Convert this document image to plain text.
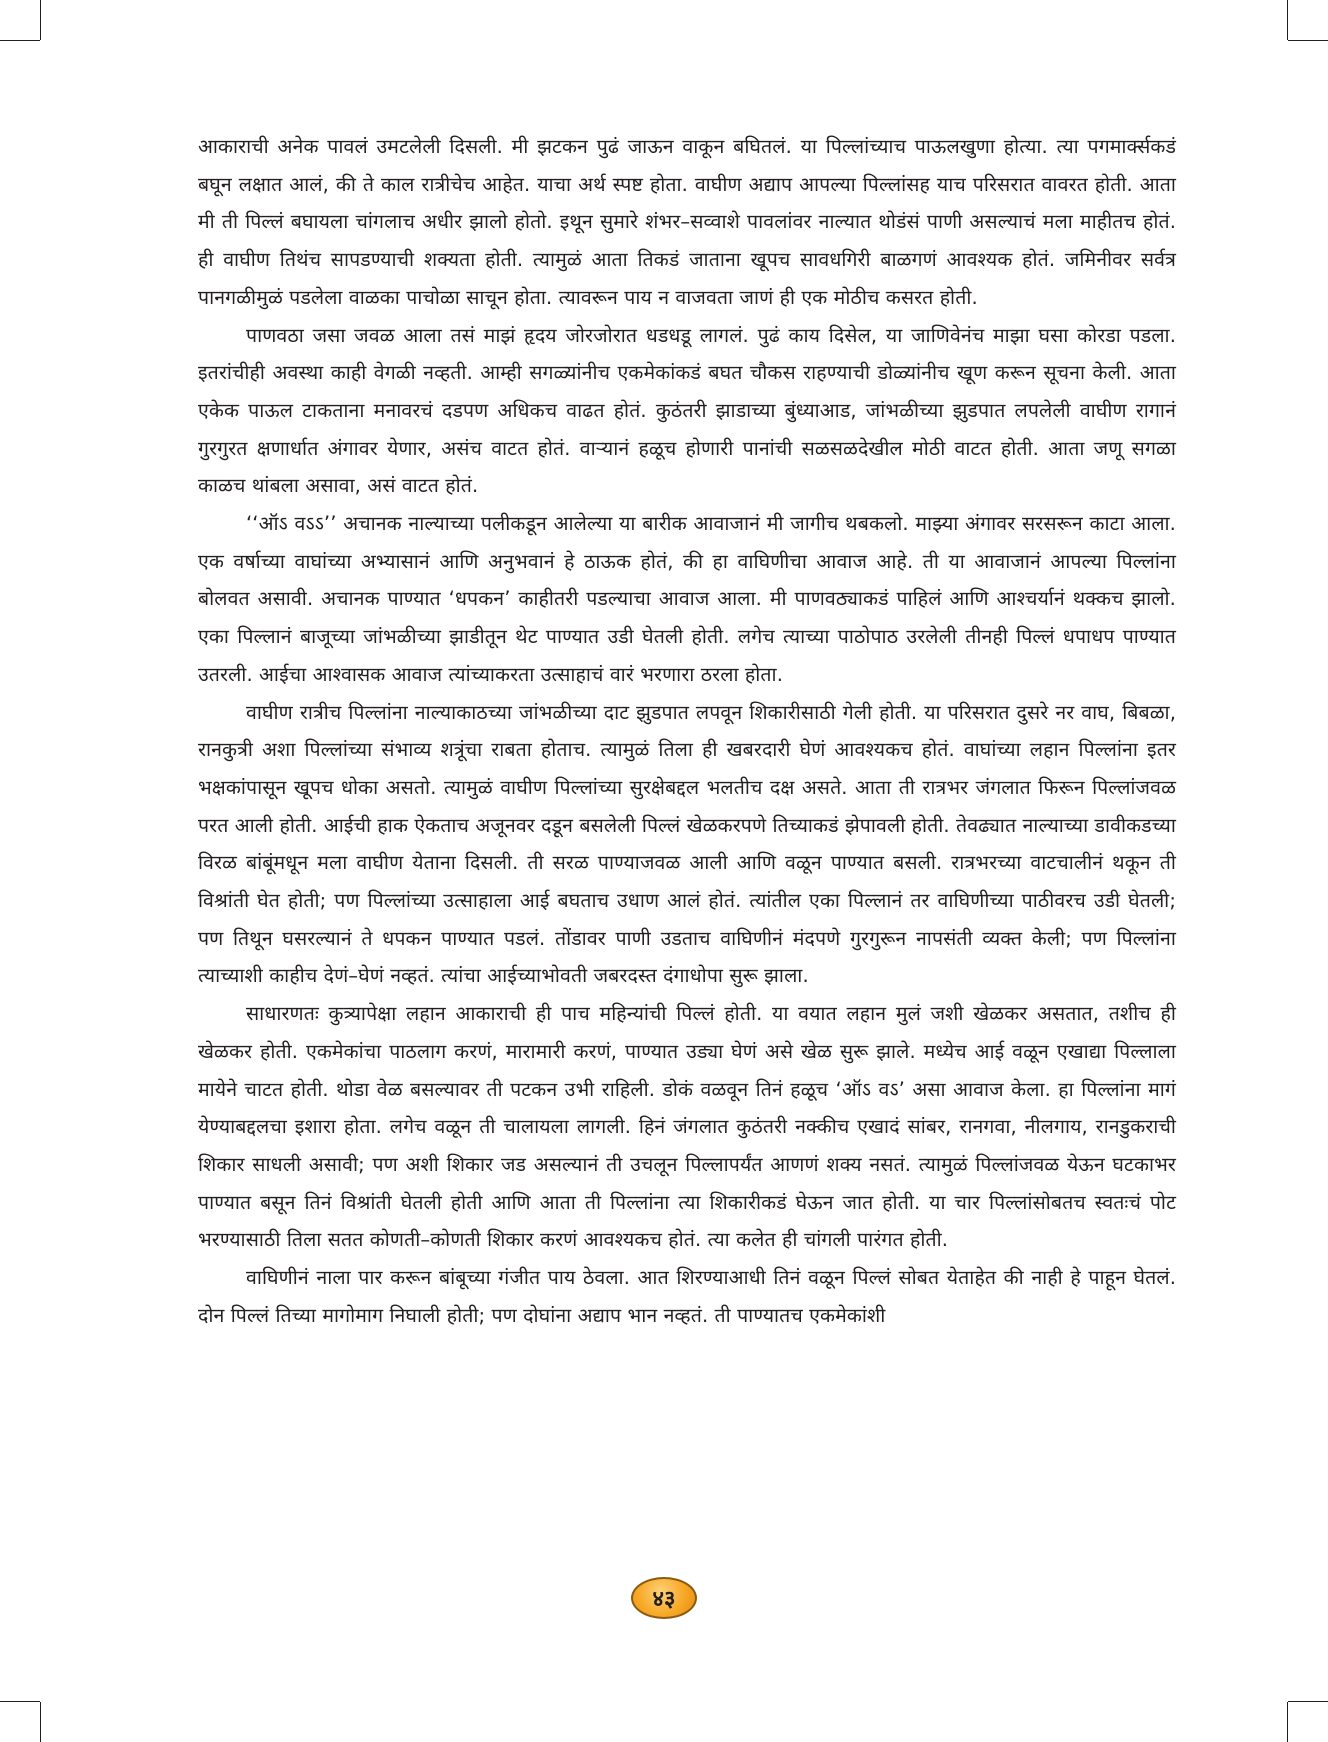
आकाराची अनेक पावलं उमटलेली दिसली. मी झटकन पुढं जाऊन वाकून बघितलं. या पिल्लांच्याच पाऊलखुणा होत्या. त्या पगमार्क्सकडं बघून लक्षात आलं, की ते काल रात्रीचेच आहेत. याचा अर्थ स्पष्ट होता. वाघीण अद्याप आपल्या पिल्लांसह याच परिसरात वावरत होती. आता मी ती पिल्लं बघायला चांगलाच अधीर झालो होतो. इथून सुमारे शंभर–सव्वाशे पावलांवर नाल्यात थोडंसं पाणी असल्याचं मला माहीतच होतं. ही वाघीण तिथंच सापडण्याची शक्यता होती. त्यामुळं आता तिकडं जाताना खूपच सावधगिरी बाळगणं आवश्यक होतं. जमिनीवर सर्वत्र पानगळीमुळं पडलेला वाळका पाचोळा साचून होता. त्यावरून पाय न वाजवता जाणं ही एक मोठीच कसरत होती.

पाणवठा जसा जवळ आला तसं माझं हृदय जोरजोरात धडधडू लागलं. पुढं काय दिसेल, या जाणिवेनंच माझा घसा कोरडा पडला. इतरांचीही अवस्था काही वेगळी नव्हती. आम्ही सगळ्यांनीच एकमेकांकडं बघत चौकस राहण्याची डोळ्यांनीच खूण करून सूचना केली. आता एकेक पाऊल टाकताना मनावरचं दडपण अधिकच वाढत होतं. कुठंतरी झाडाच्या बुंध्याआड, जांभळीच्या झुडपात लपलेली वाघीण रागानं गुरगुरत क्षणार्धात अंगावर येणार, असंच वाटत होतं. वाऱ्यानं हळूच होणारी पानांची सळसळदेखील मोठी वाटत होती. आता जणू सगळा काळच थांबला असावा, असं वाटत होतं.

‘‘ऑऽ वऽऽ’’ अचानक नाल्याच्या पलीकडून आलेल्या या बारीक आवाजानं मी जागीच थबकलो. माझ्या अंगावर सरसरून काटा आला. एक वर्षाच्या वाघांच्या अभ्यासानं आणि अनुभवानं हे ठाऊक होतं, की हा वाघिणीचा आवाज आहे. ती या आवाजानं आपल्या पिल्लांना बोलवत असावी. अचानक पाण्यात ‘धपकन’ काहीतरी पडल्याचा आवाज आला. मी पाणवठ्याकडं पाहिलं आणि आश्चर्यानं थक्कच झालो. एका पिल्लानं बाजूच्या जांभळीच्या झाडीतून थेट पाण्यात उडी घेतली होती. लगेच त्याच्या पाठोपाठ उरलेली तीनही पिल्लं धपाधप पाण्यात उतरली. आईचा आश्वासक आवाज त्यांच्याकरता उत्साहाचं वारं भरणारा ठरला होता.

वाघीण रात्रीच पिल्लांना नाल्याकाठच्या जांभळीच्या दाट झुडपात लपवून शिकारीसाठी गेली होती. या परिसरात दुसरे नर वाघ, बिबळा, रानकुत्री अशा पिल्लांच्या संभाव्य शत्रूंचा राबता होताच. त्यामुळं तिला ही खबरदारी घेणं आवश्यकच होतं. वाघांच्या लहान पिल्लांना इतर भक्षकांपासून खूपच धोका असतो. त्यामुळं वाघीण पिल्लांच्या सुरक्षेबद्दल भलतीच दक्ष असते. आता ती रात्रभर जंगलात फिरून पिल्लांजवळ परत आली होती. आईची हाक ऐकताच अजूनवर दडून बसलेली पिल्लं खेळकरपणे तिच्याकडं झेपावली होती. तेवढ्यात नाल्याच्या डावीकडच्या विरळ बांबूंमधून मला वाघीण येताना दिसली. ती सरळ पाण्याजवळ आली आणि वळून पाण्यात बसली. रात्रभरच्या वाटचालीनं थकून ती विश्रांती घेत होती; पण पिल्लांच्या उत्साहाला आई बघताच उधाण आलं होतं. त्यांतील एका पिल्लानं तर वाघिणीच्या पाठीवरच उडी घेतली; पण तिथून घसरल्यानं ते धपकन पाण्यात पडलं. तोंडावर पाणी उडताच वाघिणीनं मंदपणे गुरगुरून नापसंती व्यक्त केली; पण पिल्लांना त्याच्याशी काहीच देणं–घेणं नव्हतं. त्यांचा आईच्याभोवती जबरदस्त दंगाधोपा सुरू झाला.

साधारणतः कुत्र्यापेक्षा लहान आकाराची ही पाच महिन्यांची पिल्लं होती. या वयात लहान मुलं जशी खेळकर असतात, तशीच ही खेळकर होती. एकमेकांचा पाठलाग करणं, मारामारी करणं, पाण्यात उड्या घेणं असे खेळ सुरू झाले. मध्येच आई वळून एखाद्या पिल्लाला मायेने चाटत होती. थोडा वेळ बसल्यावर ती पटकन उभी राहिली. डोकं वळवून तिनं हळूच ‘ऑऽ वऽ’ असा आवाज केला. हा पिल्लांना मागं येण्याबद्दलचा इशारा होता. लगेच वळून ती चालायला लागली. हिनं जंगलात कुठंतरी नक्कीच एखादं सांबर, रानगवा, नीलगाय, रानडुकराची शिकार साधली असावी; पण अशी शिकार जड असल्यानं ती उचलून पिल्लापर्यंत आणणं शक्य नसतं. त्यामुळं पिल्लांजवळ येऊन घटकाभर पाण्यात बसून तिनं विश्रांती घेतली होती आणि आता ती पिल्लांना त्या शिकारीकडं घेऊन जात होती. या चार पिल्लांसोबतच स्वतःचं पोट भरण्यासाठी तिला सतत कोणती–कोणती शिकार करणं आवश्यकच होतं. त्या कलेत ही चांगली पारंगत होती.

वाघिणीनं नाला पार करून बांबूच्या गंजीत पाय ठेवला. आत शिरण्याआधी तिनं वळून पिल्लं सोबत येताहेत की नाही हे पाहून घेतलं. दोन पिल्लं तिच्या मागोमाग निघाली होती; पण दोघांना अद्याप भान नव्हतं. ती पाण्यातच एकमेकांशी

४३
